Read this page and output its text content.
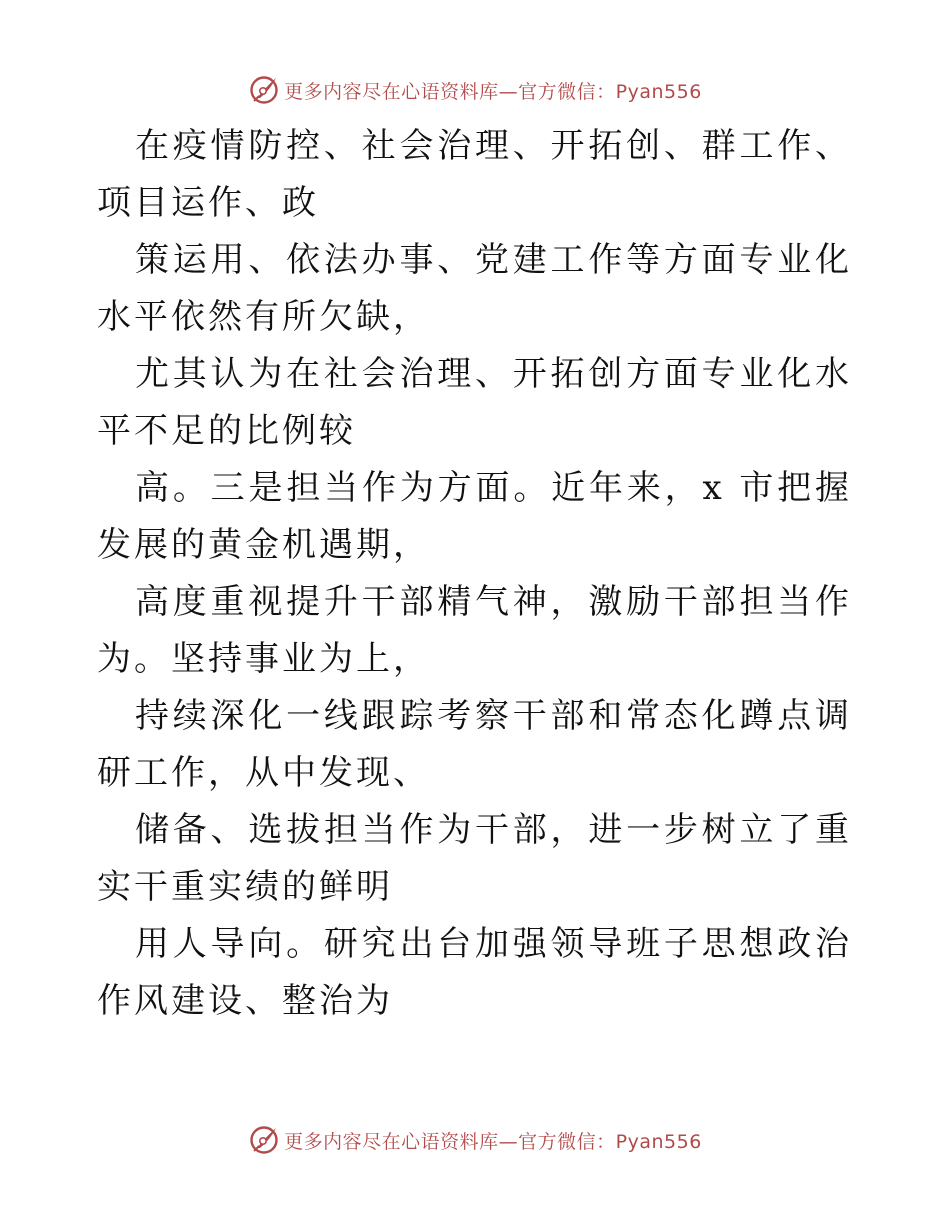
更多内容尽在心语资料库—官方微信：Pyan556

在疫情防控、社会治理、开拓创、群工作、项目运作、政

策运用、依法办事、党建工作等方面专业化水平依然有所欠缺，

尤其认为在社会治理、开拓创方面专业化水平不足的比例较

高。三是担当作为方面。近年来，x 市把握发展的黄金机遇期，

高度重视提升干部精气神，激励干部担当作为。坚持事业为上，

持续深化一线跟踪考察干部和常态化蹲点调研工作，从中发现、

储备、选拔担当作为干部，进一步树立了重实干重实绩的鲜明

用人导向。研究出台加强领导班子思想政治作风建设、整治为

更多内容尽在心语资料库—官方微信：Pyan556
